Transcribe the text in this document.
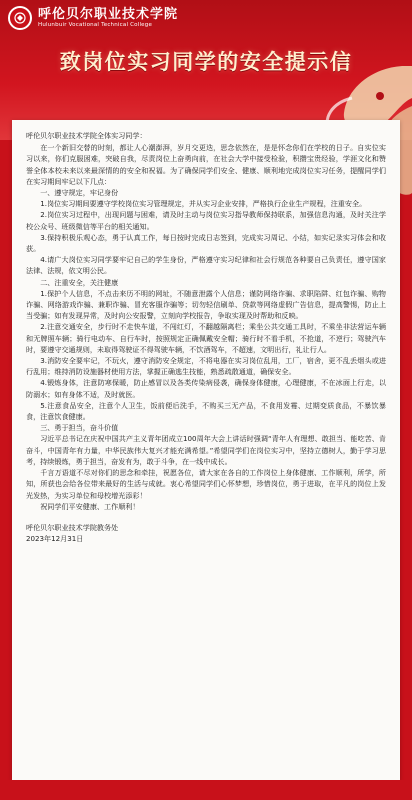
呼伦贝尔职业技术学院
Hulunbuir Vocational Technical College
致岗位实习同学的安全提示信

呼伦贝尔职业技术学院全体实习同学：

在一个新旧交替的时刻，都让人心潮澎湃，岁月交更迭，思念依然在，是是怀念你们在学校的日子。自实位实习以来，你们克服困难，突破自我，尽责岗位上奋勇向前，在社会大学中接受检验，积攒宝贵经验，学涯文化和赞誉全体本校未来以来最深情的的安全和祝福。为了确保同学们安全、健康、顺利地完成岗位实习任务，提醒同学们在实习期间牢记以下几点：

一、遵守规定，牢记身份

1.岗位实习期间要遵守学校岗位实习管理规定，并从实习企业安排，严格执行企业生产规程，注重安全。

2.岗位实习过程中，出现问题与困难，请及时主动与岗位实习指导教师保持联系，加强信息沟通，及时关注学校公众号、班级微信等平台的相关通知。

3.保持积极乐观心态，勇于认真工作，每日按时完成日志签到，完成实习周记、小结，如实记录实习体会和收获。

4.请广大岗位实习同学要牢记自己的学生身份，严格遵守实习纪律和社会行规范各种要自己负责任，遵守国家法律、法规，依文明公民。

二、注重安全，关注健康

1.保护个人信息，不点击来历不明的网址，不随意泄露个人信息；谨防网络诈骗、求职陷阱、红包诈骗、购物诈骗、网络游戏诈骗、兼职诈骗、冒充客服诈骗等；切勿轻信刷单、贷款等网络虚假广告信息，提高警惕，防止上当受骗；如有发现异常，及时向公安报警，立刻向学校报告，争取实现及时帮助和反映。

2.注意交通安全，步行时不走快车道，不闯红灯，不翻越隔离栏；乘坐公共交通工具时，不乘坐非法营运车辆和无牌照车辆；骑行电动车、自行车时，按照规定正确佩戴安全帽；骑行时不看手机，不抢道，不逆行；驾驶汽车时，要遵守交通规则，未取得驾驶证不得驾驶车辆，不饮酒驾车，不超速，文明出行，礼让行人。

3.消防安全要牢记，不玩火，遵守消防安全规定，不将电器在实习岗位乱用，工厂，宿舍，更不乱丢烟头或进行乱用；维持消防设施器材使用方法，掌握正确逃生技能，熟悉疏散通道，确保安全。

4.锻炼身体，注意防寒保暖，防止感冒以及各类传染病侵袭，确保身体健康，心理健康，不在冰面上行走，以防溺水；如有身体不适，及时就医。

5.注意食品安全，注意个人卫生，饭前便后洗手，不购买三无产品，不食用发霉、过期变质食品，不暴饮暴食，注意饮食健康。

三、勇于担当，奋斗价值

习近平总书记在庆祝中国共产主义青年团成立100周年大会上讲话时强调“青年人有理想、敢担当、能吃苦、肯奋斗，中国青年有力量，中华民族伟大复兴才能充满希望。”希望同学们在岗位实习中，坚持立德树人，勤于学习思考，持续锻炼，勇于担当，奋发有为，敢于斗争，在一线中成长。

千言万语道不尽对你们的思念和牵挂，祝愿各位，请大家在各自的工作岗位上身体健康、工作顺利，所学，所知，所获也会给各位带来最好的生活与成就。衷心希望同学们心怀梦想，珍惜岗位，勇于进取，在平凡的岗位上发光发热，为实习单位和母校增光添彩！

祝同学们平安健康、工作顺利！

呼伦贝尔职业技术学院教务处

2023年12月31日
